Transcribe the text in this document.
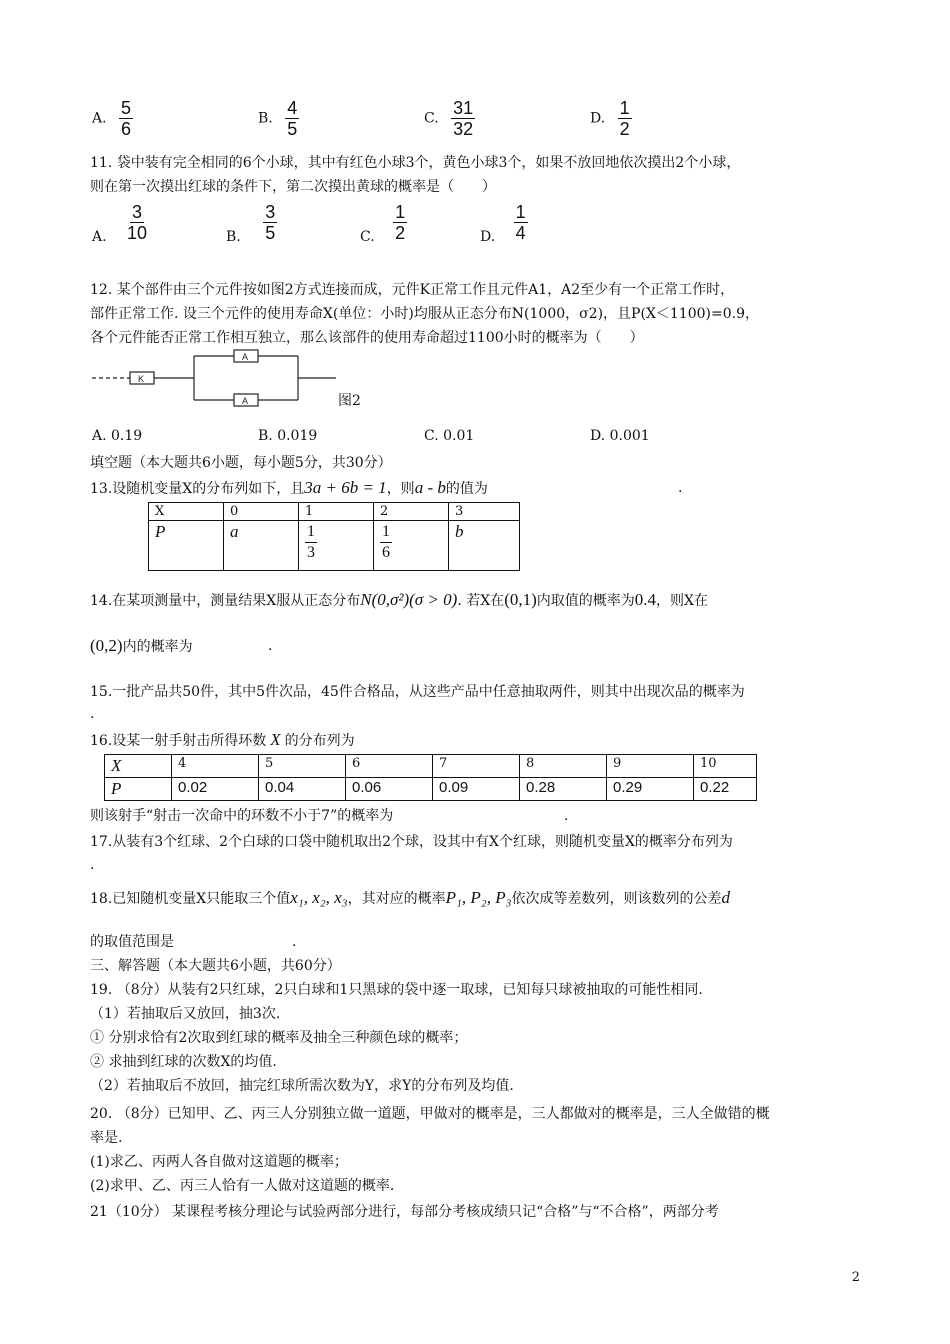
A. $\frac{5}{6}$	B. $\frac{4}{5}$	C. $\frac{31}{32}$	D. $\frac{1}{2}$
11. 袋中装有完全相同的6个小球，其中有红色小球3个，黄色小球3个，如果不放回地依次摸出2个小球，
则在第一次摸出红球的条件下，第二次摸出黄球的概率是（　　）
A. $\frac{3}{10}$	B. $\frac{3}{5}$	C. $\frac{1}{2}$	D. $\frac{1}{4}$
12. 某个部件由三个元件按如图2方式连接而成，元件K正常工作且元件A1，A2至少有一个正常工作时，
部件正常工作. 设三个元件的使用寿命X(单位：小时)均服从正态分布N(1000，σ2)，且P(X＜1100)=0.9，
各个元件能否正常工作相互独立，那么该部件的使用寿命超过1100小时的概率为（　　）
K
A
A	图2
A. 0.19	B. 0.019	C. 0.01	D. 0.001
填空题（本大题共6小题，每小题5分，共30分）
13.设随机变量X的分布列如下，且3a + 6b = 1，则a - b的值为	.
X	0	1	2	3
P	a	$\frac{1}{3}$	$\frac{1}{6}$	b
14.在某项测量中，测量结果X服从正态分布N(0,σ²)(σ > 0). 若X在(0,1)内取值的概率为0.4，则X在
(0,2)内的概率为	.
15.一批产品共50件，其中5件次品，45件合格品，从这些产品中任意抽取两件，则其中出现次品的概率为
.
16.设某一射手射击所得环数 X 的分布列为
X	4	5	6	7	8	9	10
P	0.02	0.04	0.06	0.09	0.28	0.29	0.22
则该射手“射击一次命中的环数不小于7”的概率为	.
17.从装有3个红球、2个白球的口袋中随机取出2个球，设其中有X个红球，则随机变量X的概率分布列为
.
18.已知随机变量X只能取三个值x₁, x₂, x₃，其对应的概率P₁, P₂, P₃依次成等差数列，则该数列的公差d
的取值范围是	.
三、解答题（本大题共6小题，共60分）
19. （8分）从装有2只红球，2只白球和1只黑球的袋中逐一取球，已知每只球被抽取的可能性相同.
（1）若抽取后又放回，抽3次.
① 分别求恰有2次取到红球的概率及抽全三种颜色球的概率；
② 求抽到红球的次数X的均值.
（2）若抽取后不放回，抽完红球所需次数为Y，求Y的分布列及均值.
20. （8分）已知甲、乙、丙三人分别独立做一道题，甲做对的概率是，三人都做对的概率是，三人全做错的概
率是.
(1)求乙、丙两人各自做对这道题的概率；
(2)求甲、乙、丙三人恰有一人做对这道题的概率.
21（10分） 某课程考核分理论与试验两部分进行，每部分考核成绩只记“合格”与“不合格”，两部分考
2
